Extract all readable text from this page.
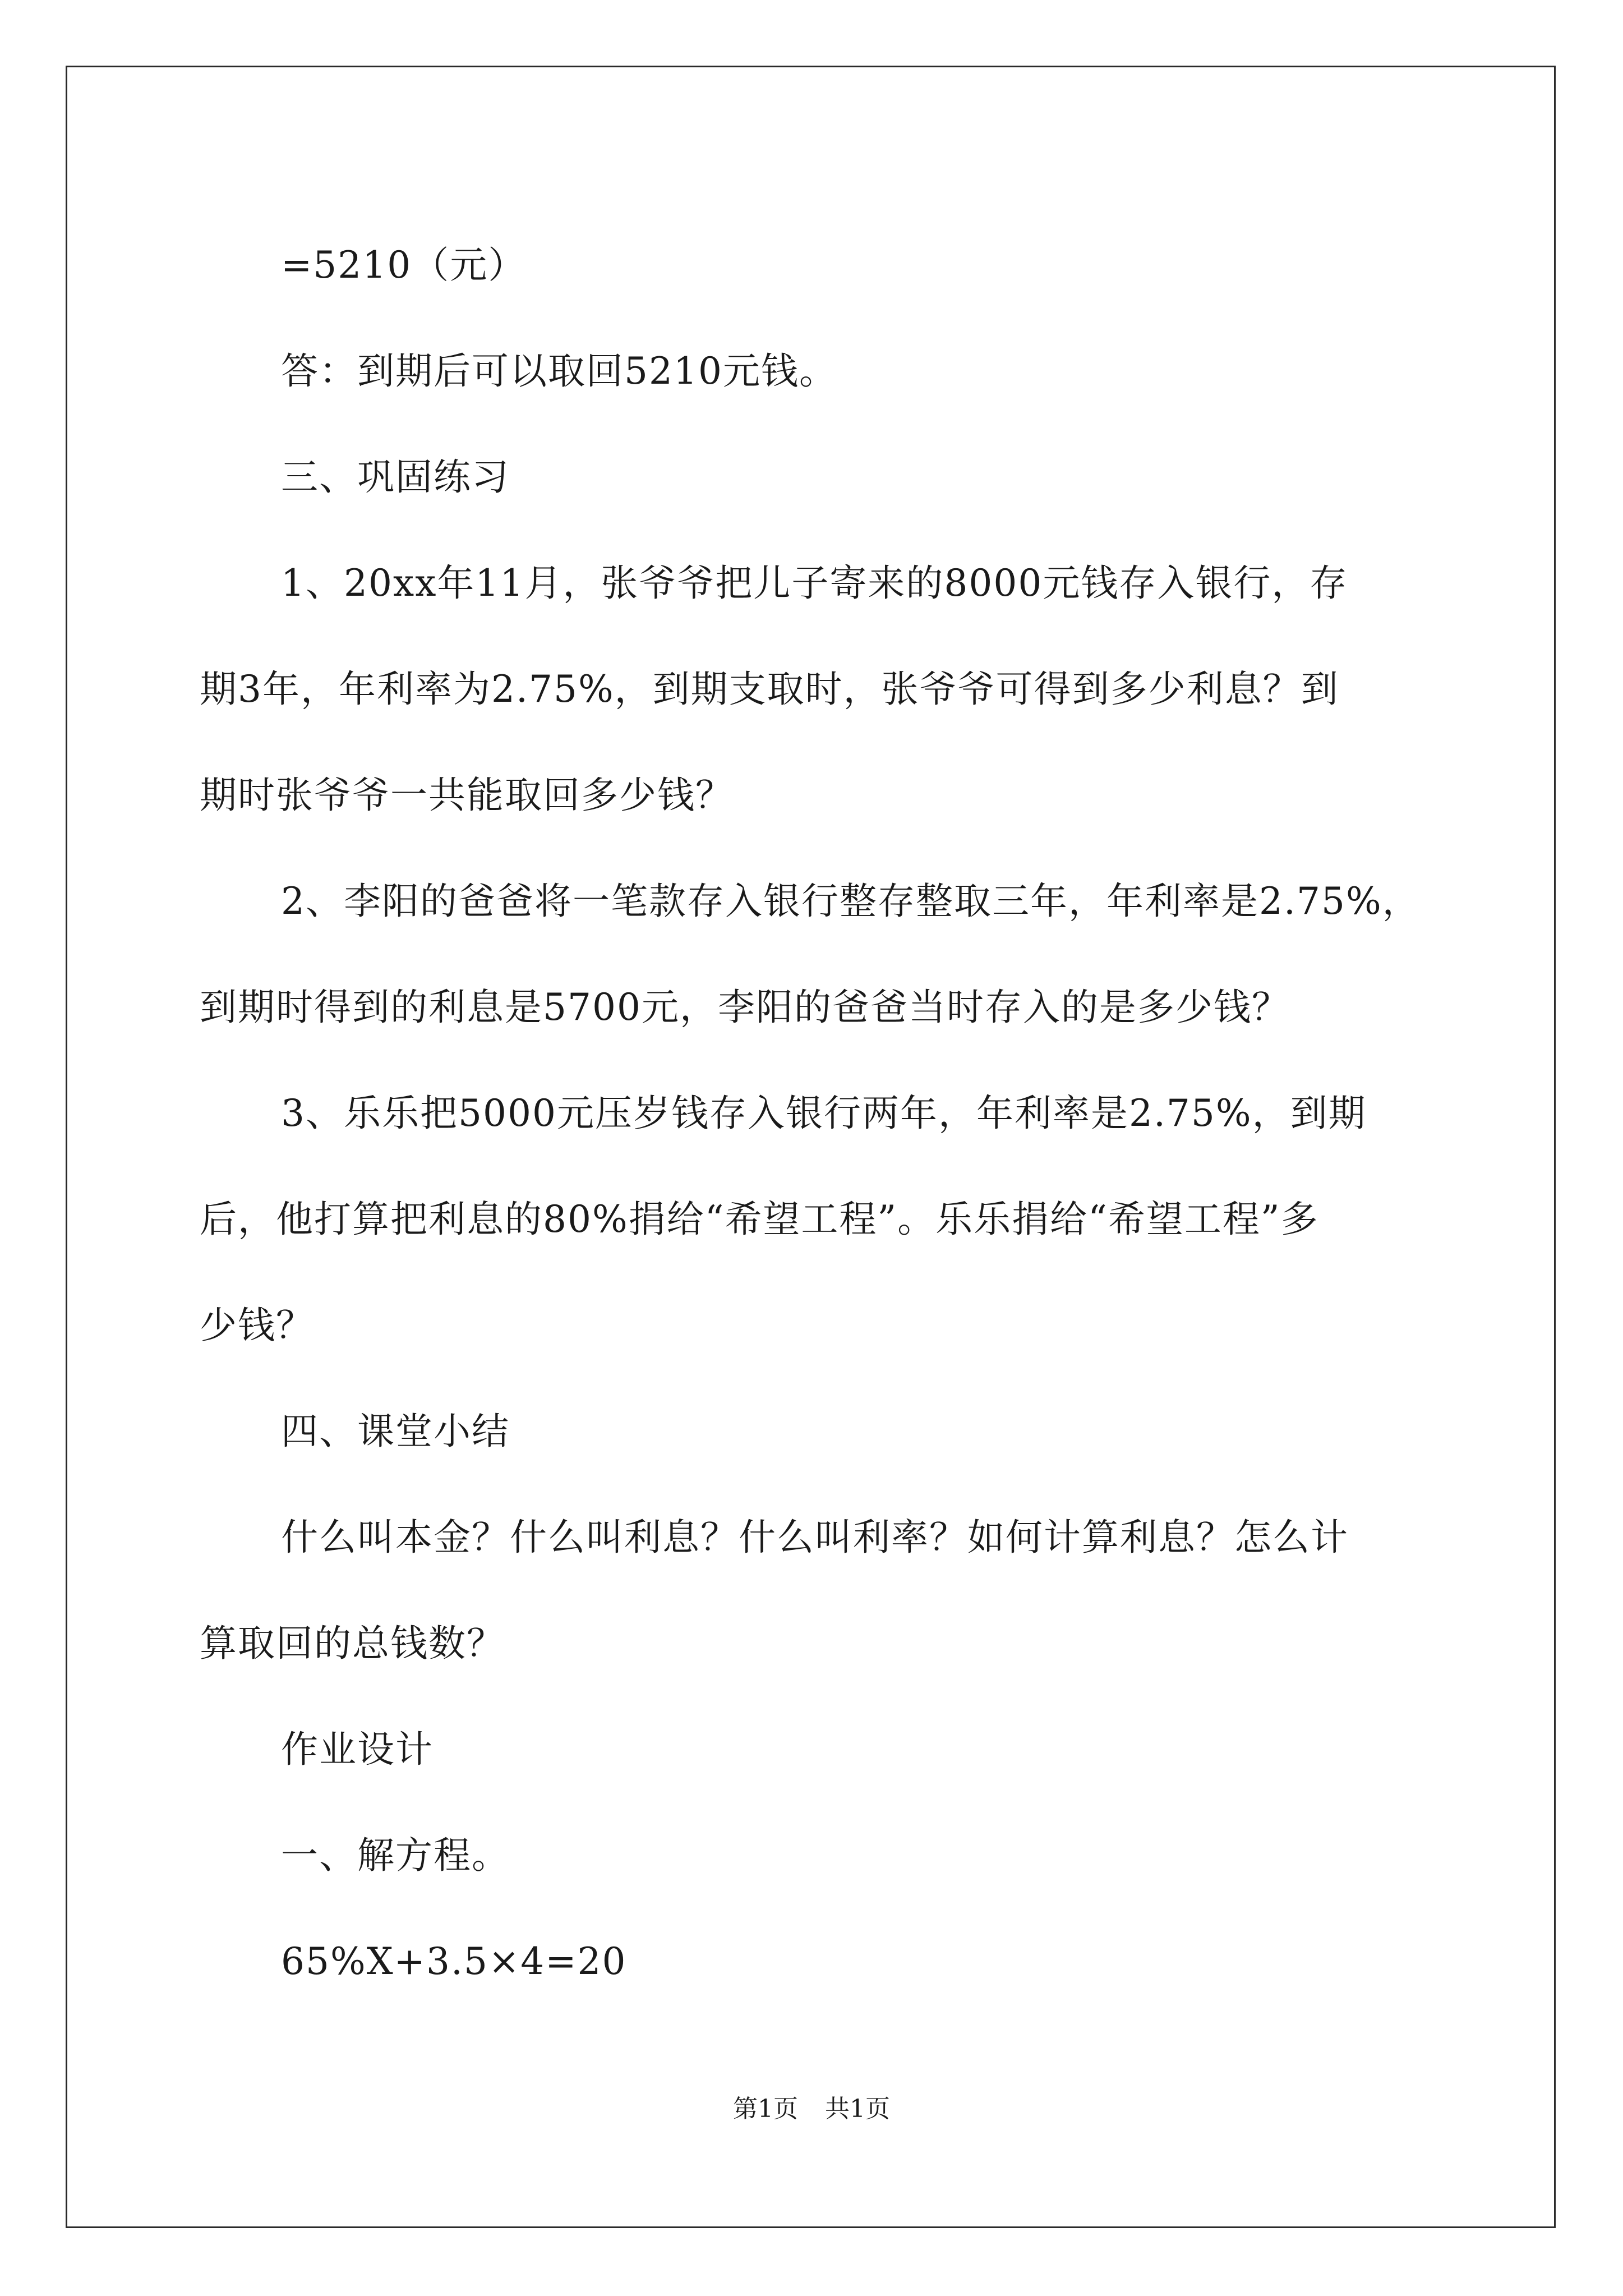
=5210（元）

答：到期后可以取回5210元钱。

三、巩固练习

1、20xx年11月，张爷爷把儿子寄来的8000元钱存入银行，存

期3年，年利率为2.75%，到期支取时，张爷爷可得到多少利息？到

期时张爷爷一共能取回多少钱？

2、李阳的爸爸将一笔款存入银行整存整取三年，年利率是2.75%，

到期时得到的利息是5700元，李阳的爸爸当时存入的是多少钱？

3、乐乐把5000元压岁钱存入银行两年，年利率是2.75%，到期

后，他打算把利息的80%捐给“希望工程”。乐乐捐给“希望工程”多

少钱？

四、课堂小结

什么叫本金？什么叫利息？什么叫利率？如何计算利息？怎么计

算取回的总钱数？

作业设计

一、解方程。

65%X+3.5×4=20

第1页 共1页
